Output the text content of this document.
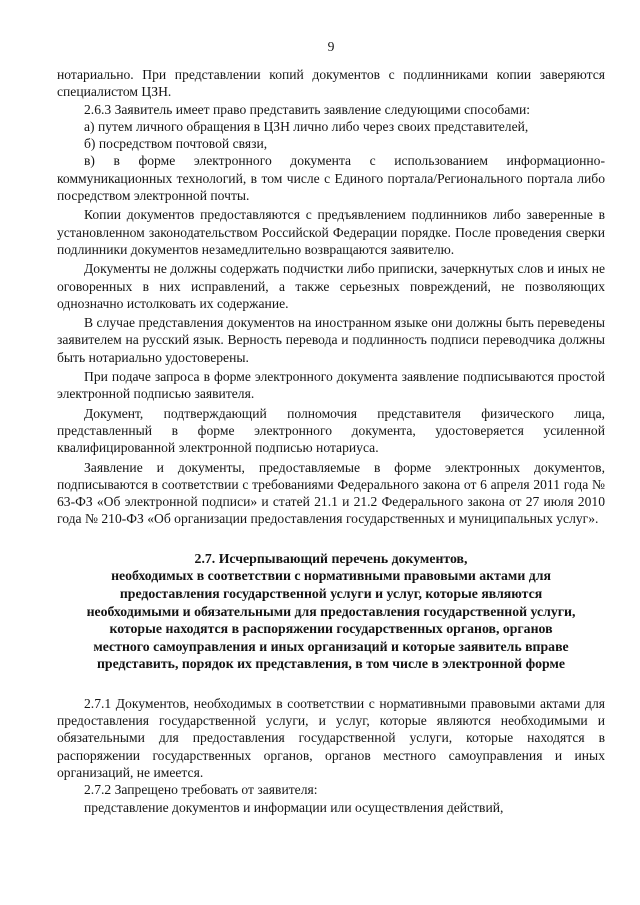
9

нотариально. При представлении копий документов с подлинниками копии заверяются специалистом ЦЗН.

2.6.3 Заявитель имеет право представить заявление следующими способами:

а) путем личного обращения в ЦЗН лично либо через своих представителей,

б) посредством почтовой связи,

в) в форме электронного документа с использованием информационно-коммуникационных технологий, в том числе с Единого портала/Регионального портала либо посредством электронной почты.

Копии документов предоставляются с предъявлением подлинников либо заверенные в установленном законодательством Российской Федерации порядке. После проведения сверки подлинники документов незамедлительно возвращаются заявителю.

Документы не должны содержать подчистки либо приписки, зачеркнутых слов и иных не оговоренных в них исправлений, а также серьезных повреждений, не позволяющих однозначно истолковать их содержание.

В случае представления документов на иностранном языке они должны быть переведены заявителем на русский язык. Верность перевода и подлинность подписи переводчика должны быть нотариально удостоверены.

При подаче запроса в форме электронного документа заявление подписываются простой электронной подписью заявителя.

Документ, подтверждающий полномочия представителя физического лица, представленный в форме электронного документа, удостоверяется усиленной квалифицированной электронной подписью нотариуса.

Заявление и документы, предоставляемые в форме электронных документов, подписываются в соответствии с требованиями Федерального закона от 6 апреля 2011 года № 63-ФЗ «Об электронной подписи» и статей 21.1 и 21.2 Федерального закона от 27 июля 2010 года № 210-ФЗ «Об организации предоставления государственных и муниципальных услуг».

2.7. Исчерпывающий перечень документов,
необходимых в соответствии с нормативными правовыми актами для
предоставления государственной услуги и услуг, которые являются
необходимыми и обязательными для предоставления государственной услуги,
которые находятся в распоряжении государственных органов, органов
местного самоуправления и иных организаций и которые заявитель вправе
представить, порядок их представления, в том числе в электронной форме

2.7.1 Документов, необходимых в соответствии с нормативными правовыми актами для предоставления государственной услуги, и услуг, которые являются необходимыми и обязательными для предоставления государственной услуги, которые находятся в распоряжении государственных органов, органов местного самоуправления и иных организаций, не имеется.

2.7.2 Запрещено требовать от заявителя:

представление документов и информации или осуществления действий,
